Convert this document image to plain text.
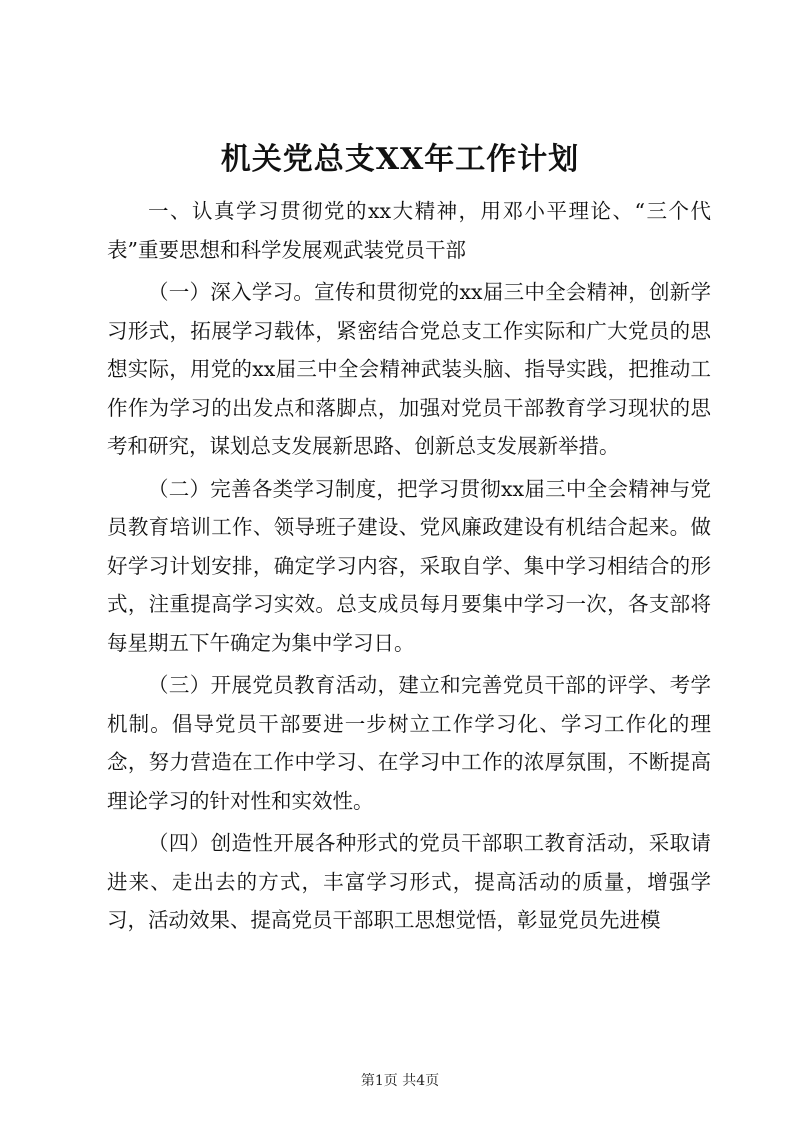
机关党总支XX年工作计划

一、认真学习贯彻党的xx大精神，用邓小平理论、“三个代表”重要思想和科学发展观武装党员干部

（一）深入学习。宣传和贯彻党的xx届三中全会精神，创新学习形式，拓展学习载体，紧密结合党总支工作实际和广大党员的思想实际，用党的xx届三中全会精神武装头脑、指导实践，把推动工作作为学习的出发点和落脚点，加强对党员干部教育学习现状的思考和研究，谋划总支发展新思路、创新总支发展新举措。

（二）完善各类学习制度，把学习贯彻xx届三中全会精神与党员教育培训工作、领导班子建设、党风廉政建设有机结合起来。做好学习计划安排，确定学习内容，采取自学、集中学习相结合的形式，注重提高学习实效。总支成员每月要集中学习一次，各支部将每星期五下午确定为集中学习日。

（三）开展党员教育活动，建立和完善党员干部的评学、考学机制。倡导党员干部要进一步树立工作学习化、学习工作化的理念，努力营造在工作中学习、在学习中工作的浓厚氛围，不断提高理论学习的针对性和实效性。

（四）创造性开展各种形式的党员干部职工教育活动，采取请进来、走出去的方式，丰富学习形式，提高活动的质量，增强学习，活动效果、提高党员干部职工思想觉悟，彰显党员先进模

第1页 共4页
